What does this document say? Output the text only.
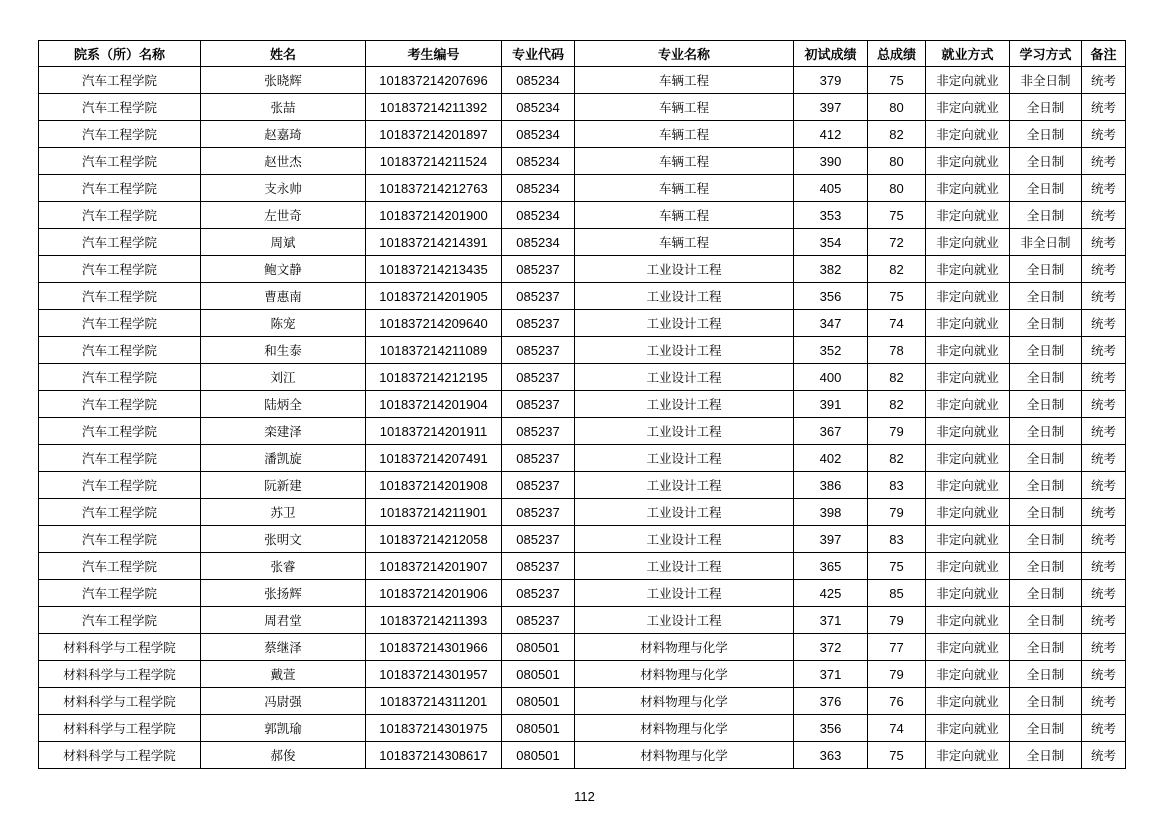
院系（所）名称	姓名	考生编号	专业代码	专业名称	初试成绩	总成绩	就业方式	学习方式	备注
汽车工程学院	张晓辉	101837214207696	085234	车辆工程	379	75	非定向就业	非全日制	统考
汽车工程学院	张喆	101837214211392	085234	车辆工程	397	80	非定向就业	全日制	统考
汽车工程学院	赵嘉琦	101837214201897	085234	车辆工程	412	82	非定向就业	全日制	统考
汽车工程学院	赵世杰	101837214211524	085234	车辆工程	390	80	非定向就业	全日制	统考
汽车工程学院	支永帅	101837214212763	085234	车辆工程	405	80	非定向就业	全日制	统考
汽车工程学院	左世奇	101837214201900	085234	车辆工程	353	75	非定向就业	全日制	统考
汽车工程学院	周斌	101837214214391	085234	车辆工程	354	72	非定向就业	非全日制	统考
汽车工程学院	鲍文静	101837214213435	085237	工业设计工程	382	82	非定向就业	全日制	统考
汽车工程学院	曹惠南	101837214201905	085237	工业设计工程	356	75	非定向就业	全日制	统考
汽车工程学院	陈宠	101837214209640	085237	工业设计工程	347	74	非定向就业	全日制	统考
汽车工程学院	和生泰	101837214211089	085237	工业设计工程	352	78	非定向就业	全日制	统考
汽车工程学院	刘江	101837214212195	085237	工业设计工程	400	82	非定向就业	全日制	统考
汽车工程学院	陆炳全	101837214201904	085237	工业设计工程	391	82	非定向就业	全日制	统考
汽车工程学院	栾建泽	101837214201911	085237	工业设计工程	367	79	非定向就业	全日制	统考
汽车工程学院	潘凯旋	101837214207491	085237	工业设计工程	402	82	非定向就业	全日制	统考
汽车工程学院	阮新建	101837214201908	085237	工业设计工程	386	83	非定向就业	全日制	统考
汽车工程学院	苏卫	101837214211901	085237	工业设计工程	398	79	非定向就业	全日制	统考
汽车工程学院	张明文	101837214212058	085237	工业设计工程	397	83	非定向就业	全日制	统考
汽车工程学院	张睿	101837214201907	085237	工业设计工程	365	75	非定向就业	全日制	统考
汽车工程学院	张扬辉	101837214201906	085237	工业设计工程	425	85	非定向就业	全日制	统考
汽车工程学院	周君堂	101837214211393	085237	工业设计工程	371	79	非定向就业	全日制	统考
材料科学与工程学院	蔡继泽	101837214301966	080501	材料物理与化学	372	77	非定向就业	全日制	统考
材料科学与工程学院	戴萱	101837214301957	080501	材料物理与化学	371	79	非定向就业	全日制	统考
材料科学与工程学院	冯尉强	101837214311201	080501	材料物理与化学	376	76	非定向就业	全日制	统考
材料科学与工程学院	郭凯瑜	101837214301975	080501	材料物理与化学	356	74	非定向就业	全日制	统考
材料科学与工程学院	郝俊	101837214308617	080501	材料物理与化学	363	75	非定向就业	全日制	统考
112
